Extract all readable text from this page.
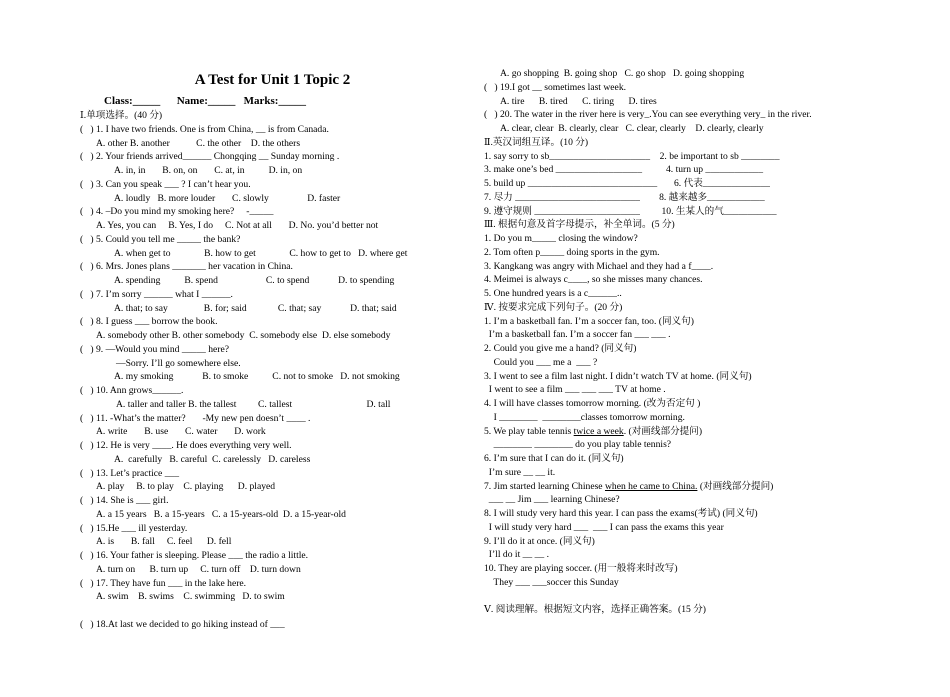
A Test for Unit 1 Topic 2
Class:_____      Name:_____   Marks:_____
Ⅰ.单项选择。(40 分)
(   ) 1. I have two friends. One is from China, __ is from Canada.
A. other B. another           C. the other    D. the others
(   ) 2. Your friends arrived______ Chongqing __ Sunday morning .
A. in, in       B. on, on       C. at, in          D. in, on
(   ) 3. Can you speak ___ ? I can’t hear you.
A. loudly   B. more louder       C. slowly                D. faster
(   ) 4. –Do you mind my smoking here?     -_____
A. Yes, you can     B. Yes, I do     C. Not at all       D. No. you’d better not
(   ) 5. Could you tell me _____ the bank?
A. when get to              B. how to get              C. how to get to   D. where get
(   ) 6. Mrs. Jones plans _______ her vacation in China.
A. spending          B. spend                    C. to spend            D. to spending
(   ) 7. I’m sorry ______ what I ______.
A. that; to say               B. for; said             C. that; say            D. that; said
(   ) 8. I guess ___ borrow the book.
A. somebody other B. other somebody  C. somebody else  D. else somebody
(   ) 9. —Would you mind _____ here?
—Sorry. I’ll go somewhere else.
A. my smoking            B. to smoke          C. not to smoke   D. not smoking
(   ) 10. Ann grows______.
A. taller and taller B. the tallest         C. tallest                               D. tall
(   ) 11. -What’s the matter?       -My new pen doesn’t ____ .
A. write       B. use       C. water       D. work
(   ) 12. He is very ____. He does everything very well.
A.  carefully   B. careful  C. carelessly   D. careless
(   ) 13. Let’s practice ___
A. play     B. to play    C. playing      D. played
(   ) 14. She is ___ girl.
A. a 15 years   B. a 15-years   C. a 15-years-old  D. a 15-year-old
(   ) 15.He ___ ill yesterday.
A. is       B. fall     C. feel      D. fell
(   ) 16. Your father is sleeping. Please ___ the radio a little.
A. turn on      B. turn up     C. turn off    D. turn down
(   ) 17. They have fun ___ in the lake here.
A. swim    B. swims    C. swimming   D. to swim
(   ) 18.At last we decided to go hiking instead of ___
A. go shopping  B. going shop   C. go shop   D. going shopping
(   ) 19.I got __ sometimes last week.
A. tire      B. tired      C. tiring      D. tires
(   ) 20. The water in the river here is very_.You can see everything very_ in the river.
A. clear, clear  B. clearly, clear   C. clear, clearly    D. clearly, clearly
Ⅱ.英汉词组互译。(10 分)
1. say sorry to sb_____________________    2. be important to sb ________
3. make one’s bed __________________          4. turn up ____________
5. build up ___________________________       6. 代表______________
7. 尽力 __________________________        8. 越来越多____________
9. 遵守规则 ______________________         10. 生某人的气___________
Ⅲ. 根据句意及首字母提示，补全单词。(5 分)
1. Do you m_____ closing the window?
2. Tom often p_____ doing sports in the gym.
3. Kangkang was angry with Michael and they had a f____.
4. Meimei is always c____, so she misses many chances.
5. One hundred years is a c______..
Ⅳ. 按要求完成下列句子。(20 分)
1. I’m a basketball fan. I’m a soccer fan, too. (同义句)
I’m a basketball fan. I’m a soccer fan ___ ___ .
2. Could you give me a hand? (同义句)
Could you ___ me a  ___ ?
3. I went to see a film last night. I didn’t watch TV at home. (同义句)
I went to see a film ___ ___ ___ TV at home .
4. I will have classes tomorrow morning. (改为否定句 )
I ________  ________classes tomorrow morning.
5. We play table tennis twice a week. (对画线部分提问)
________ ________ do you play table tennis?
6. I’m sure that I can do it. (同义句)
I’m sure __ __ it.
7. Jim started learning Chinese when he came to China. (对画线部分提问)
___ __ Jim ___ learning Chinese?
8. I will study very hard this year. I can pass the exams(考试) (同义句)
I will study very hard ___  ___ I can pass the exams this year
9. I’ll do it at once. (同义句)
I’ll do it __ __ .
10. They are playing soccer. (用一般将来时改写)
They ___ ___soccer this Sunday
Ⅴ. 阅读理解。根据短文内容，选择正确答案。(15 分)
